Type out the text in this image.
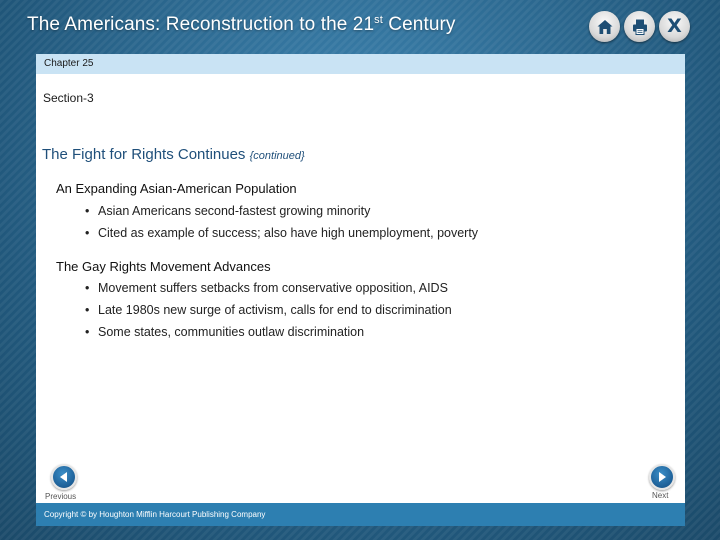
The Americans: Reconstruction to the 21st Century	X
Chapter 25
Section-3
The Fight for Rights Continues {continued}
An Expanding Asian-American Population
• Asian Americans second-fastest growing minority
• Cited as example of success; also have high unemployment, poverty
The Gay Rights Movement Advances
• Movement suffers setbacks from conservative opposition, AIDS
• Late 1980s new surge of activism, calls for end to discrimination
• Some states, communities outlaw discrimination
Previous	Next
Copyright © by Houghton Mifflin Harcourt Publishing Company
